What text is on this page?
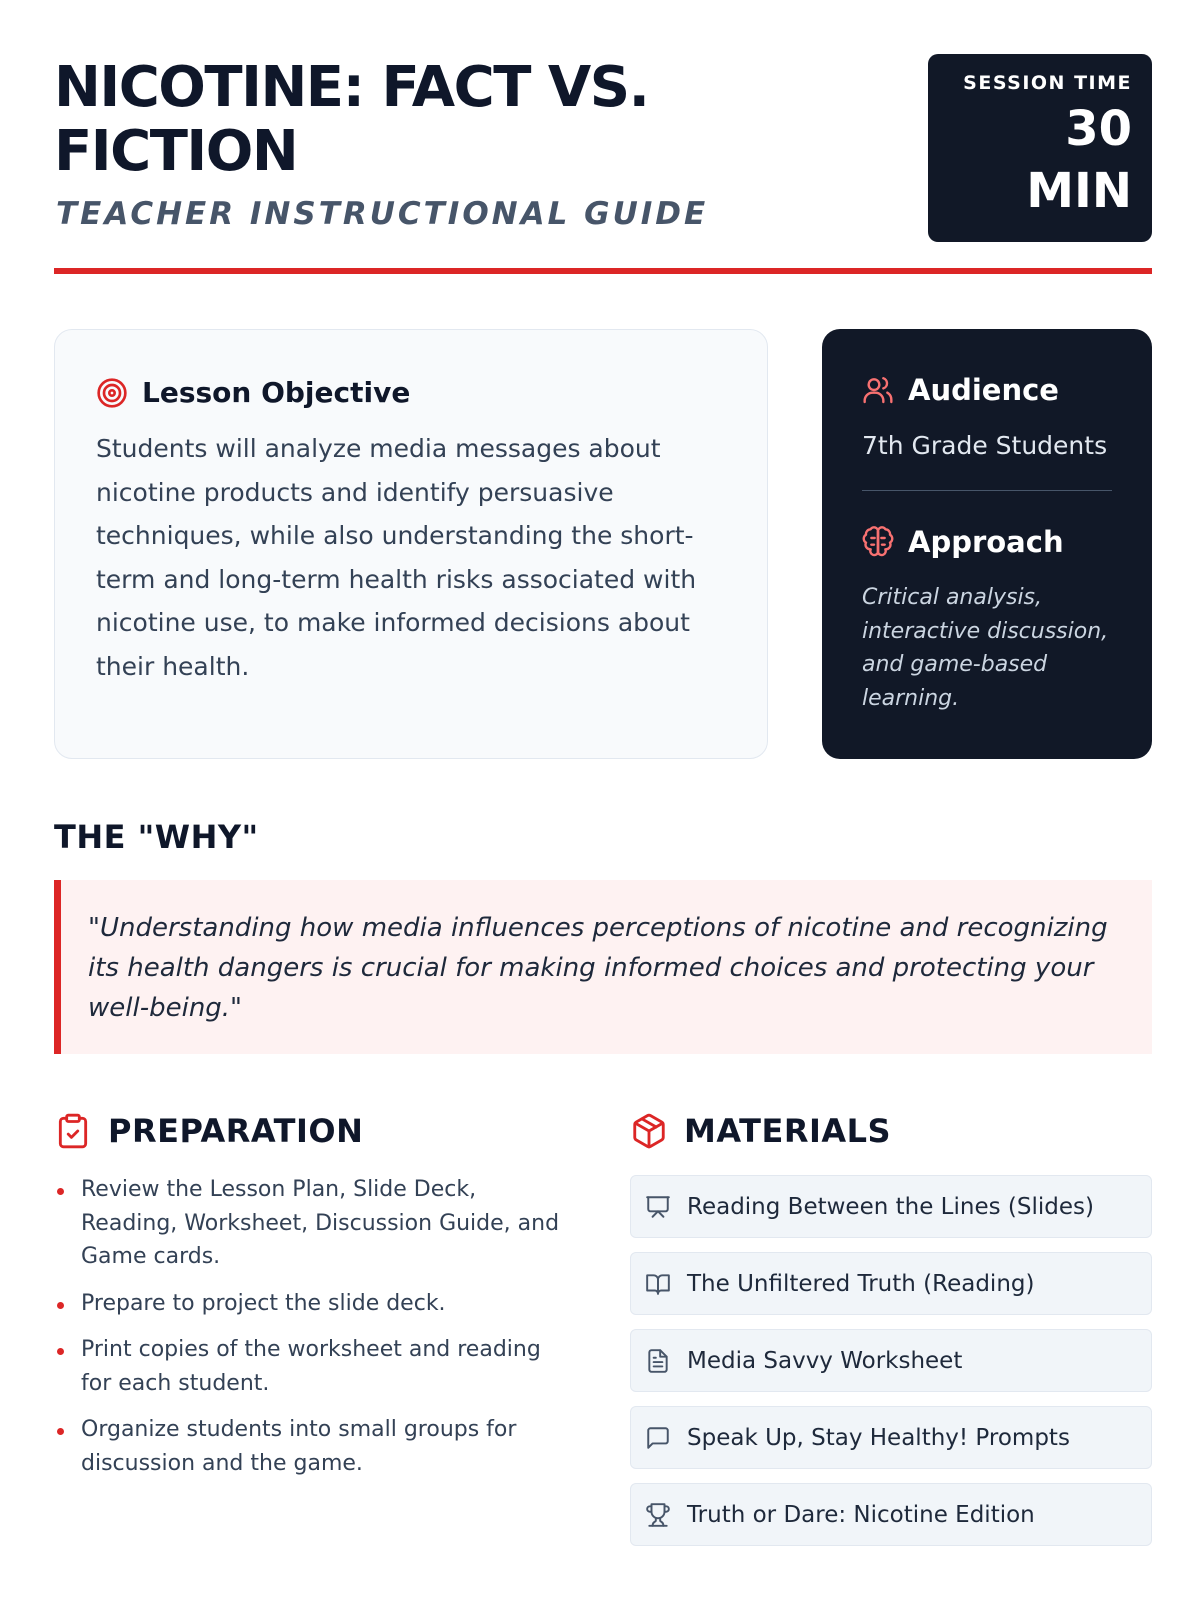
NICOTINE: FACT VS. FICTION
TEACHER INSTRUCTIONAL GUIDE
SESSION TIME
30 MIN
Lesson Objective

Students will analyze media messages about nicotine products and identify persuasive techniques, while also understanding the short-term and long-term health risks associated with nicotine use, to make informed decisions about their health.

Audience
7th Grade Students
Approach
Critical analysis, interactive discussion, and game-based learning.
THE "WHY"
"Understanding how media influences perceptions of nicotine and recognizing its health dangers is crucial for making informed choices and protecting your well-being."
PREPARATION
Review the Lesson Plan, Slide Deck, Reading, Worksheet, Discussion Guide, and Game cards.
Prepare to project the slide deck.
Print copies of the worksheet and reading for each student.
Organize students into small groups for discussion and the game.
MATERIALS
Reading Between the Lines (Slides)
The Unfiltered Truth (Reading)
Media Savvy Worksheet
Speak Up, Stay Healthy! Prompts
Truth or Dare: Nicotine Edition
